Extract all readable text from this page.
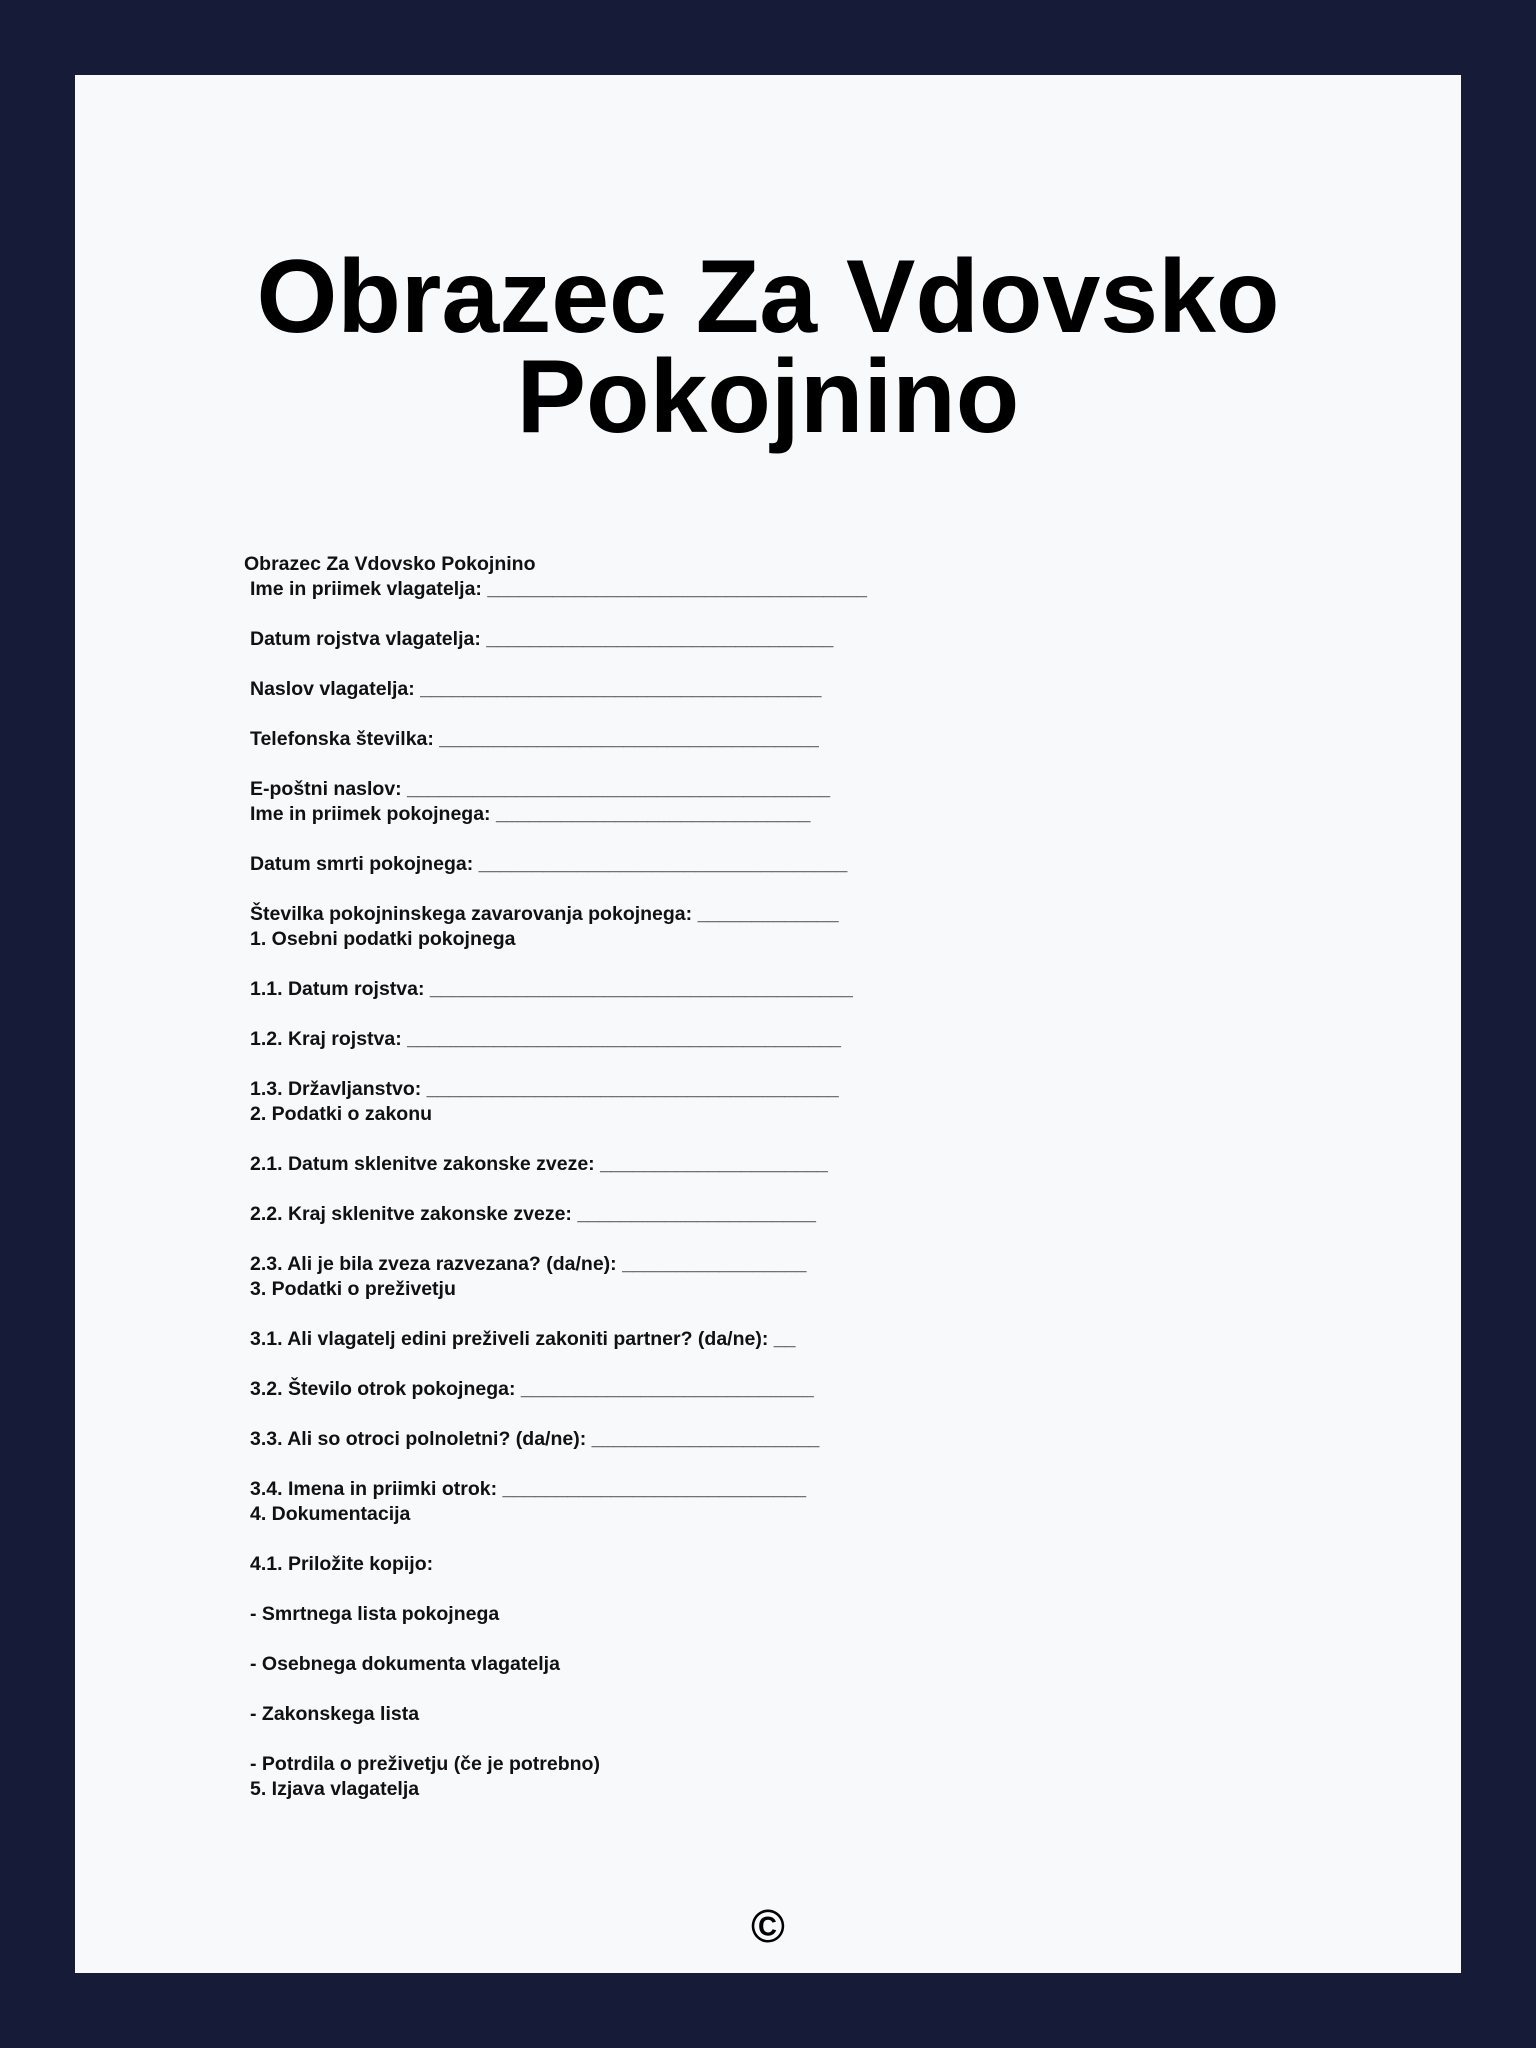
Obrazec Za Vdovsko
Pokojnino
Obrazec Za Vdovsko Pokojnino
Ime in priimek vlagatelja: ___________________________________
Datum rojstva vlagatelja: ________________________________
Naslov vlagatelja: _____________________________________
Telefonska številka: ___________________________________
E-poštni naslov: _______________________________________
Ime in priimek pokojnega: _____________________________
Datum smrti pokojnega: __________________________________
Številka pokojninskega zavarovanja pokojnega: _____________
1. Osebni podatki pokojnega
1.1. Datum rojstva: _______________________________________
1.2. Kraj rojstva: ________________________________________
1.3. Državljanstvo: ______________________________________
2. Podatki o zakonu
2.1. Datum sklenitve zakonske zveze: _____________________
2.2. Kraj sklenitve zakonske zveze: ______________________
2.3. Ali je bila zveza razvezana? (da/ne): _________________
3. Podatki o preživetju
3.1. Ali vlagatelj edini preživeli zakoniti partner? (da/ne): __
3.2. Število otrok pokojnega: ___________________________
3.3. Ali so otroci polnoletni? (da/ne): _____________________
3.4. Imena in priimki otrok: ____________________________
4. Dokumentacija
4.1. Priložite kopijo:
- Smrtnega lista pokojnega
- Osebnega dokumenta vlagatelja
- Zakonskega lista
- Potrdila o preživetju (če je potrebno)
5. Izjava vlagatelja
©
